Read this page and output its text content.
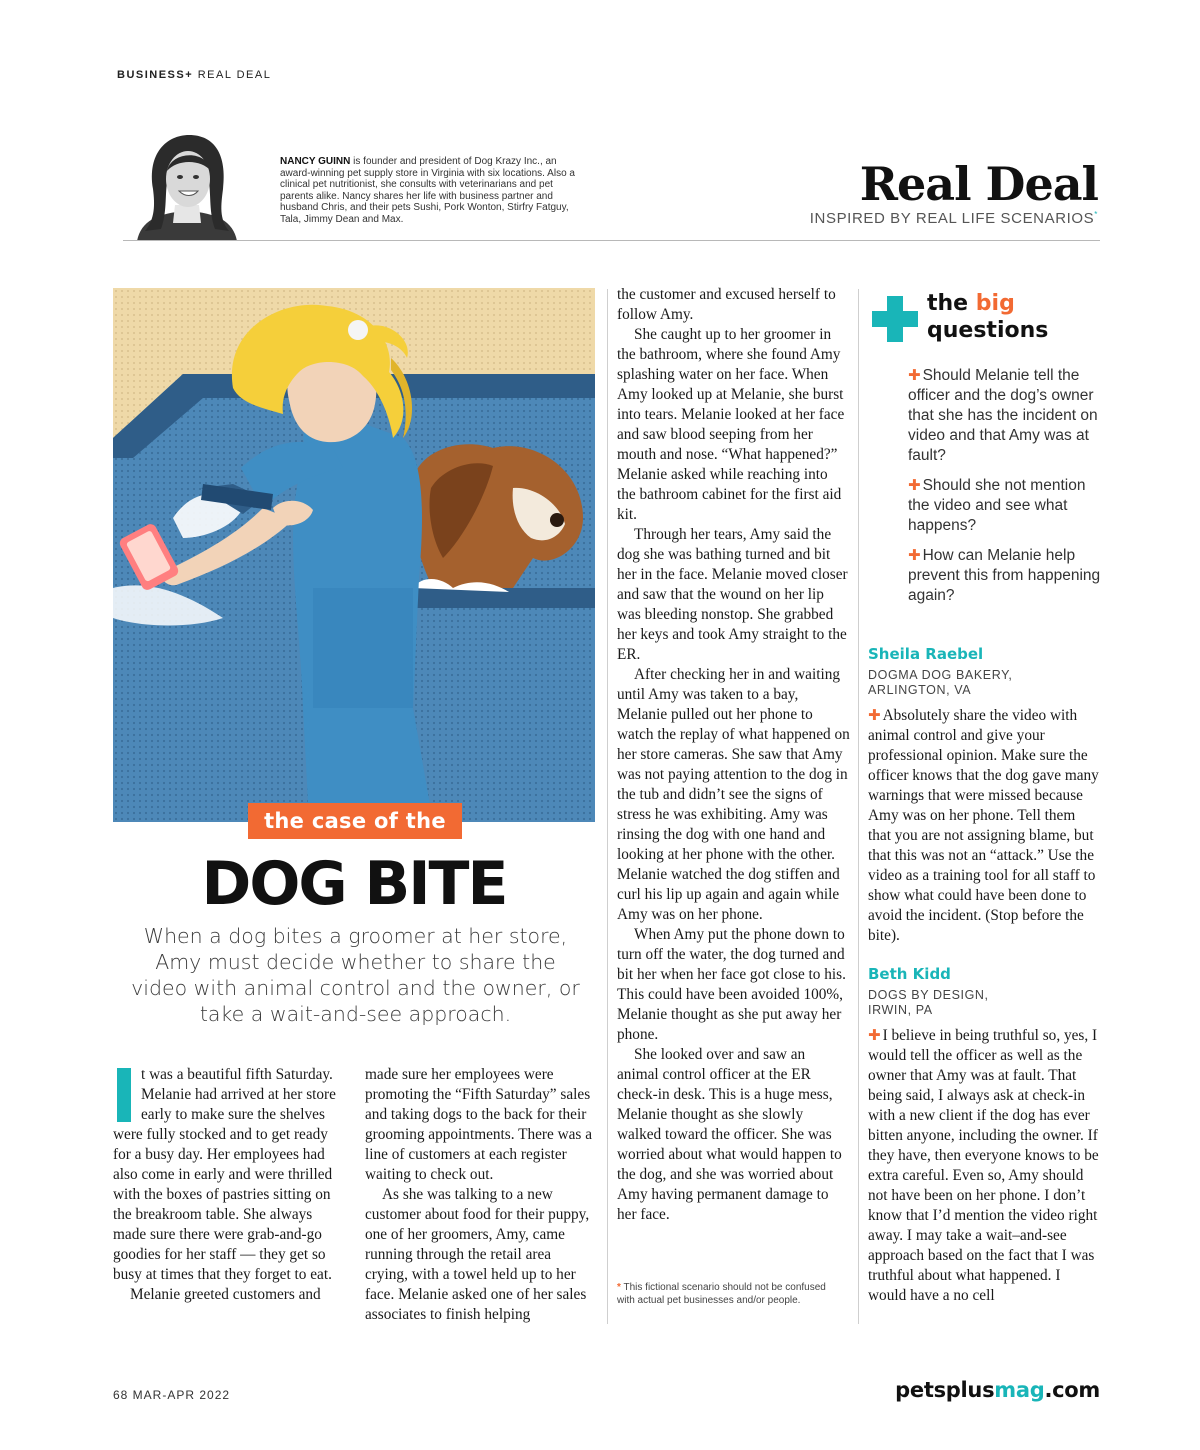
BUSINESS+ REAL DEAL
NANCY GUINN is founder and president of Dog Krazy Inc., an award-winning pet supply store in Virginia with six locations. Also a clinical pet nutritionist, she consults with veterinarians and pet parents alike. Nancy shares her life with business partner and husband Chris, and their pets Sushi, Pork Wonton, Stirfry Fatguy, Tala, Jimmy Dean and Max.
Real Deal
INSPIRED BY REAL LIFE SCENARIOS*
the case of the
DOG BITE
When a dog bites a groomer at her store, Amy must decide whether to share the video with animal control and the owner, or take a wait-and-see approach.

t was a beautiful fifth Saturday. Melanie had arrived at her store early to make sure the shelves were fully stocked and to get ready for a busy day. Her employees had also come in early and were thrilled with the boxes of pastries sitting on the breakroom table. She always made sure there were grab-and-go goodies for her staff — they get so busy at times that they forget to eat.

Melanie greeted customers and

made sure her employees were promoting the “Fifth Saturday” sales and taking dogs to the back for their grooming appointments. There was a line of customers at each register waiting to check out.

As she was talking to a new customer about food for their puppy, one of her groomers, Amy, came running through the retail area crying, with a towel held up to her face. Melanie asked one of her sales associates to finish helping

the customer and excused herself to follow Amy.

She caught up to her groomer in the bathroom, where she found Amy splashing water on her face. When Amy looked up at Melanie, she burst into tears. Melanie looked at her face and saw blood seeping from her mouth and nose. “What happened?” Melanie asked while reaching into the bathroom cabinet for the first aid kit.

Through her tears, Amy said the dog she was bathing turned and bit her in the face. Melanie moved closer and saw that the wound on her lip was bleeding nonstop. She grabbed her keys and took Amy straight to the ER.

After checking her in and waiting until Amy was taken to a bay, Melanie pulled out her phone to watch the replay of what happened on her store cameras. She saw that Amy was not paying attention to the dog in the tub and didn’t see the signs of stress he was exhibiting. Amy was rinsing the dog with one hand and looking at her phone with the other. Melanie watched the dog stiffen and curl his lip up again and again while Amy was on her phone.

When Amy put the phone down to turn off the water, the dog turned and bit her when her face got close to his. This could have been avoided 100%, Melanie thought as she put away her phone.

She looked over and saw an animal control officer at the ER check-in desk. This is a huge mess, Melanie thought as she slowly walked toward the officer. She was worried about what would happen to the dog, and she was worried about Amy having permanent damage to her face.

* This fictional scenario should not be confused with actual pet businesses and/or people.
the big
questions
✚ Should Melanie tell the officer and the dog’s owner that she has the incident on video and that Amy was at fault?
✚ Should she not mention the video and see what happens?
✚ How can Melanie help prevent this from happening again?
Sheila Raebel
DOGMA DOG BAKERY,
ARLINGTON, VA
✚ Absolutely share the video with animal control and give your professional opinion. Make sure the officer knows that the dog gave many warnings that were missed because Amy was on her phone. Tell them that you are not assigning blame, but that this was not an “attack.” Use the video as a training tool for all staff to show what could have been done to avoid the incident. (Stop before the bite).
Beth Kidd
DOGS BY DESIGN,
IRWIN, PA
✚ I believe in being truthful so, yes, I would tell the officer as well as the owner that Amy was at fault. That being said, I always ask at check-in with a new client if the dog has ever bitten anyone, including the owner. If they have, then everyone knows to be extra careful. Even so, Amy should not have been on her phone. I don’t know that I’d mention the video right away. I may take a wait–and-see approach based on the fact that I was truthful about what happened. I would have a no cell
68 MAR-APR 2022	petsplusmag.com
